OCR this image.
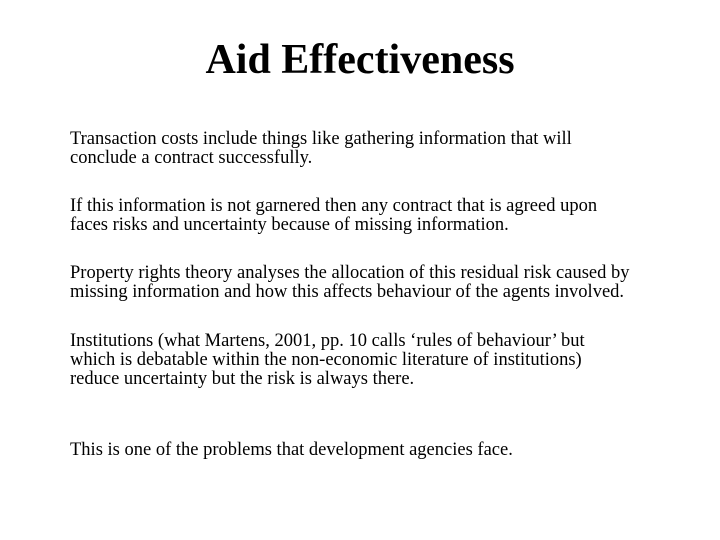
Aid Effectiveness

Transaction costs include things like gathering information that will
conclude a contract successfully.

If this information is not garnered then any contract that is agreed upon
faces risks and uncertainty because of missing information.

Property rights theory analyses the allocation of this residual risk caused by
missing information and how this affects behaviour of the agents involved.

Institutions (what Martens, 2001, pp. 10 calls ‘rules of behaviour’ but
which is debatable within the non-economic literature of institutions)
reduce uncertainty but the risk is always there.

This is one of the problems that development agencies face.
